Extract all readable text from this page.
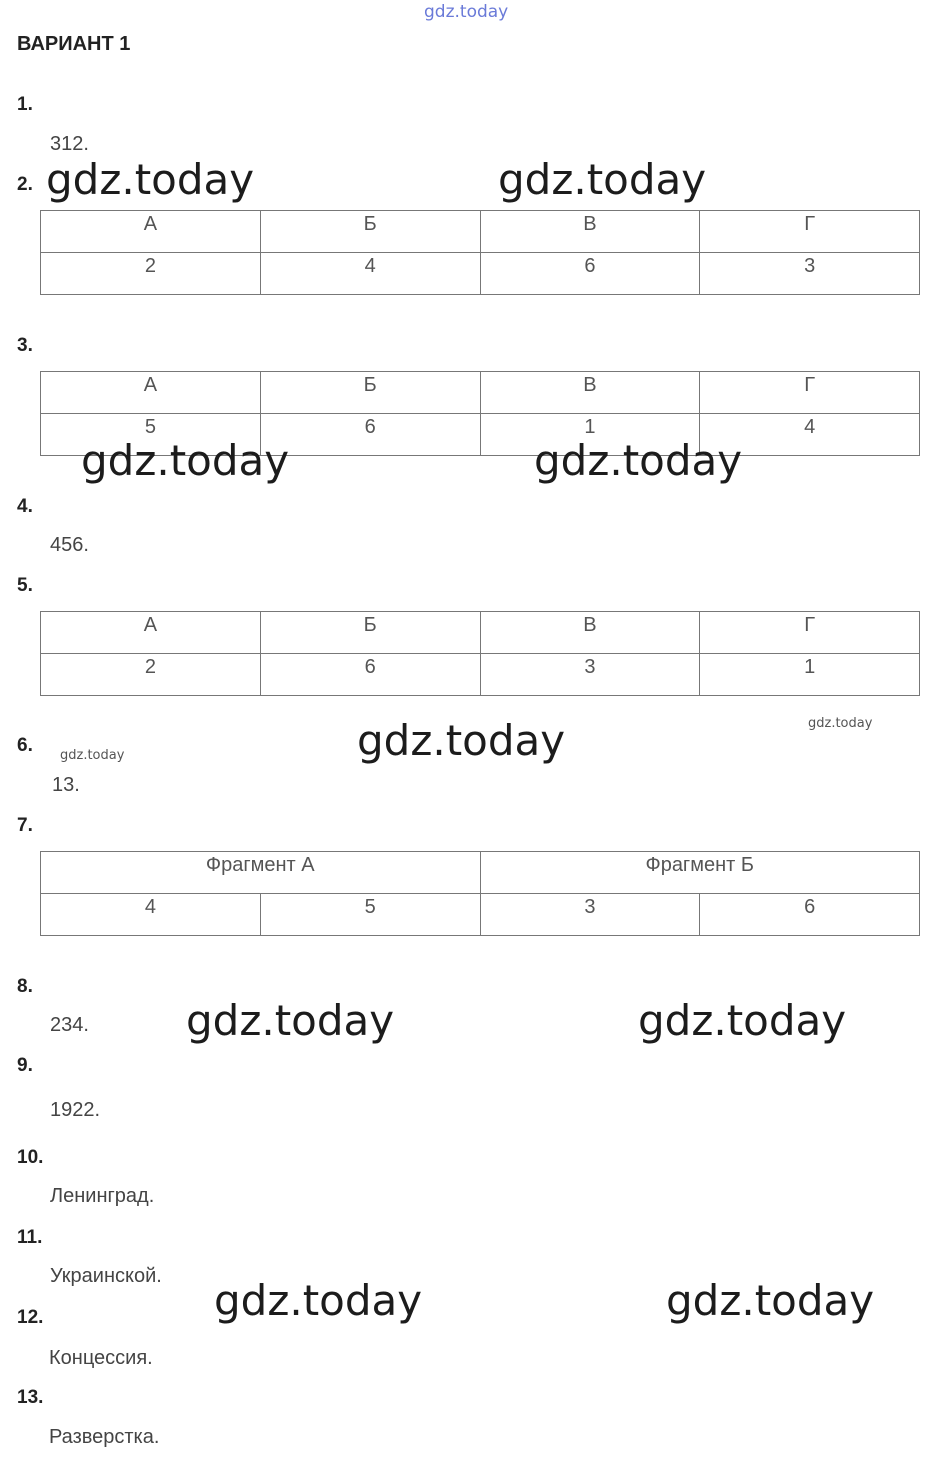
gdz.today
ВАРИАНТ 1
1.
312.
2.
А	Б	В	Г
2	4	6	3
3.
А	Б	В	Г
5	6	1	4
4.
456.
5.
А	Б	В	Г
2	6	3	1
6.
13.
7.
Фрагмент А		Фрагмент Б	
4	5	3	6
8.
234.
9.
1922.
10.
Ленинград.
11.
Украинской.
12.
Концессия.
13.
Разверстка.
gdz.today	gdz.today
gdz.today	gdz.today
gdz.today
gdz.today
gdz.today
gdz.today	gdz.today
gdz.today	gdz.today
